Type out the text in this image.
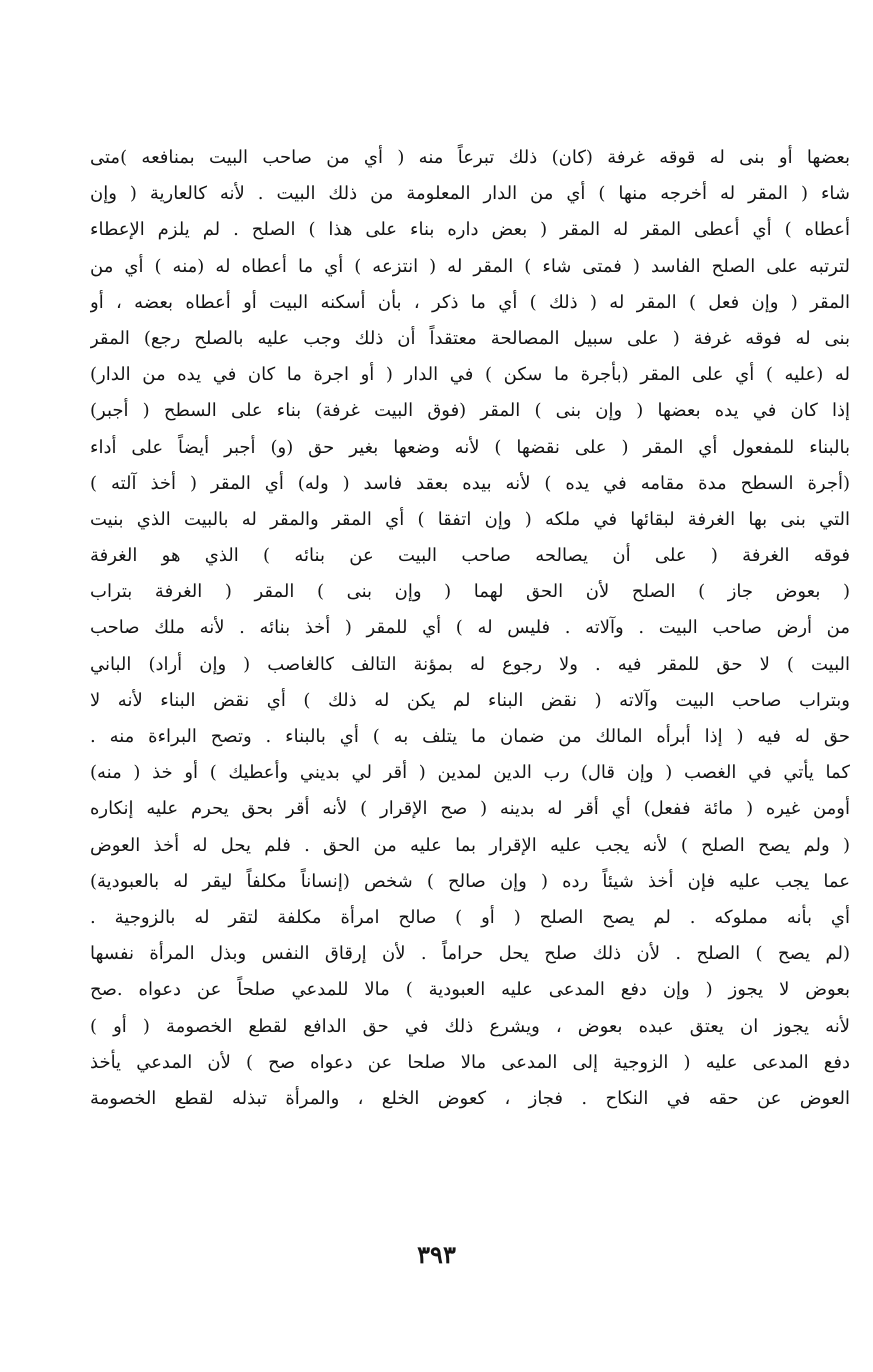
بعضها أو بنى له قوقه غرفة (كان) ذلك تبرعاً منه ( أي من صاحب البيت بمنافعه )متى
شاء ( المقر له أخرجه منها ) أي من الدار المعلومة من ذلك البيت . لأنه كالعارية ( وإن
أعطاه ) أي أعطى المقر له المقر ( بعض داره بناء على هذا ) الصلح . لم يلزم الإعطاء
لترتبه على الصلح الفاسد ( فمتى شاء ) المقر له ( انتزعه ) أي ما أعطاه له (منه ) أي من
المقر ( وإن فعل ) المقر له ( ذلك ) أي ما ذكر ، بأن أسكنه البيت أو أعطاه بعضه ، أو
بنى له فوقه غرفة ( على سبيل المصالحة معتقداً أن ذلك وجب عليه بالصلح رجع) المقر
له (عليه ) أي على المقر (بأجرة ما سكن ) في الدار ( أو اجرة ما كان في يده من الدار)
إذا كان في يده بعضها ( وإن بنى ) المقر (فوق البيت غرفة) بناء على السطح ( أجبر)
بالبناء للمفعول أي المقر ( على نقضها ) لأنه وضعها بغير حق (و) أجبر أيضاً على أداء
(أجرة السطح مدة مقامه في يده ) لأنه بيده بعقد فاسد ( وله) أي المقر ( أخذ آلته )
التي بنى بها الغرفة لبقائها في ملكه ( وإن اتفقا ) أي المقر والمقر له بالبيت الذي بنيت
فوقه الغرفة ( على أن يصالحه صاحب البيت عن بنائه ) الذي هو الغرفة
( بعوض جاز ) الصلح لأن الحق لهما ( وإن بنى ) المقر ( الغرفة بتراب
من أرض صاحب البيت . وآلاته . فليس له ) أي للمقر ( أخذ بنائه . لأنه ملك صاحب
البيت ) لا حق للمقر فيه . ولا رجوع له بمؤنة التالف كالغاصب ( وإن أراد) الباني
وبتراب صاحب البيت وآلاته ( نقض البناء لم يكن له ذلك ) أي نقض البناء لأنه لا
حق له فيه ( إذا أبرأه المالك من ضمان ما يتلف به ) أي بالبناء . وتصح البراءة منه .
كما يأتي في الغصب ( وإن قال) رب الدين لمدين ( أقر لي بديني وأعطيك ) أو خذ ( منه)
أومن غيره ( مائة ففعل) أي أقر له بدينه ( صح الإقرار ) لأنه أقر بحق يحرم عليه إنكاره
( ولم يصح الصلح ) لأنه يجب عليه الإقرار بما عليه من الحق . فلم يحل له أخذ العوض
عما يجب عليه فإن أخذ شيئاً رده ( وإن صالح ) شخص (إنساناً مكلفاً ليقر له بالعبودية)
أي بأنه مملوكه . لم يصح الصلح ( أو ) صالح امرأة مكلفة لتقر له بالزوجية .
(لم يصح ) الصلح . لأن ذلك صلح يحل حراماً . لأن إرقاق النفس وبذل المرأة نفسها
بعوض لا يجوز ( وإن دفع المدعى عليه العبودية ) مالا للمدعي صلحاً عن دعواه .صح
لأنه يجوز ان يعتق عبده بعوض ، ويشرع ذلك في حق الدافع لقطع الخصومة ( أو )
دفع المدعى عليه ( الزوجية إلى المدعى مالا صلحا عن دعواه صح ) لأن المدعي يأخذ
العوض عن حقه في النكاح . فجاز ، كعوض الخلع ، والمرأة تبذله لقطع الخصومة
٣٩٣
